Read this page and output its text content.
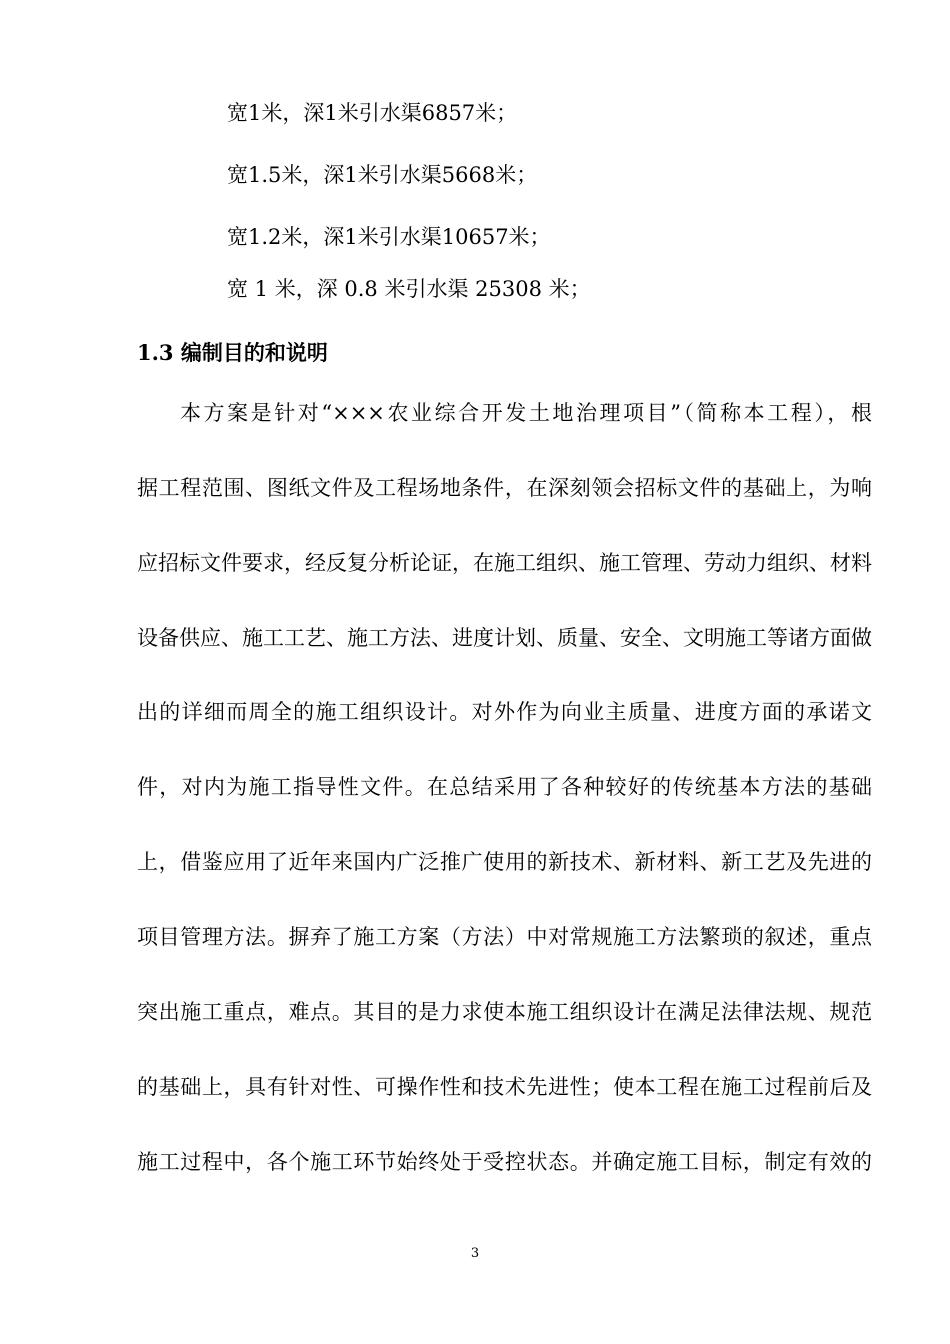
宽1米，深1米引水渠6857米；
宽1.5米，深1米引水渠5668米；
宽1.2米，深1米引水渠10657米；
宽 1 米，深 0.8 米引水渠 25308 米；
1.3 编制目的和说明
本方案是针对“×××农业综合开发土地治理项目”（简称本工程），根
据工程范围、图纸文件及工程场地条件，在深刻领会招标文件的基础上，为响
应招标文件要求，经反复分析论证，在施工组织、施工管理、劳动力组织、材料
设备供应、施工工艺、施工方法、进度计划、质量、安全、文明施工等诸方面做
出的详细而周全的施工组织设计。对外作为向业主质量、进度方面的承诺文
件，对内为施工指导性文件。在总结采用了各种较好的传统基本方法的基础
上，借鉴应用了近年来国内广泛推广使用的新技术、新材料、新工艺及先进的
项目管理方法。摒弃了施工方案（方法）中对常规施工方法繁琐的叙述，重点
突出施工重点，难点。其目的是力求使本施工组织设计在满足法律法规、规范
的基础上，具有针对性、可操作性和技术先进性；使本工程在施工过程前后及
施工过程中，各个施工环节始终处于受控状态。并确定施工目标，制定有效的
3
